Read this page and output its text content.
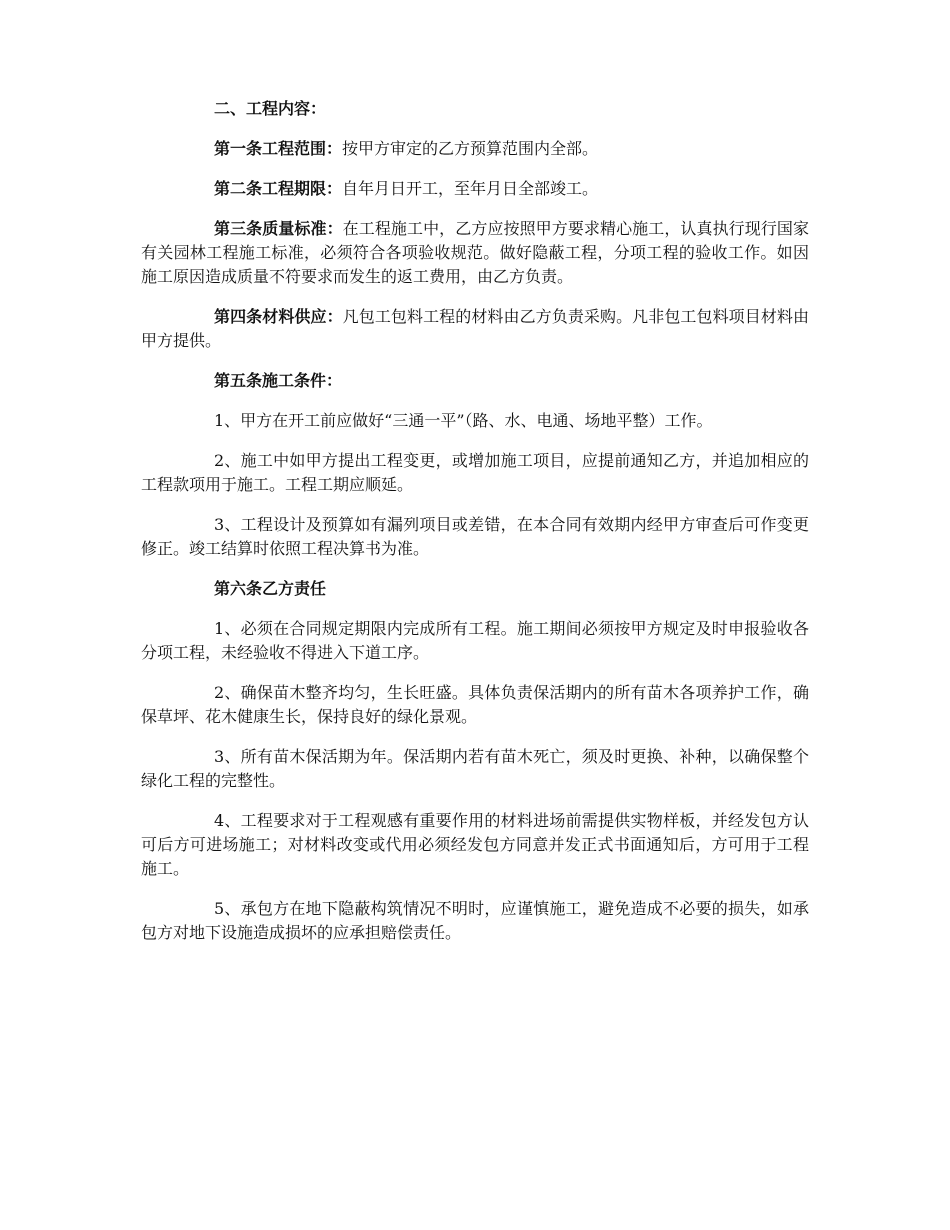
二、工程内容：

第一条工程范围：按甲方审定的乙方预算范围内全部。

第二条工程期限：自年月日开工，至年月日全部竣工。

第三条质量标准：在工程施工中，乙方应按照甲方要求精心施工，认真执行现行国家有关园林工程施工标准，必须符合各项验收规范。做好隐蔽工程，分项工程的验收工作。如因施工原因造成质量不符要求而发生的返工费用，由乙方负责。

第四条材料供应：凡包工包料工程的材料由乙方负责采购。凡非包工包料项目材料由甲方提供。

第五条施工条件：

1、甲方在开工前应做好“三通一平”（路、水、电通、场地平整）工作。

2、施工中如甲方提出工程变更，或增加施工项目，应提前通知乙方，并追加相应的工程款项用于施工。工程工期应顺延。

3、工程设计及预算如有漏列项目或差错，在本合同有效期内经甲方审查后可作变更修正。竣工结算时依照工程决算书为准。

第六条乙方责任

1、必须在合同规定期限内完成所有工程。施工期间必须按甲方规定及时申报验收各分项工程，未经验收不得进入下道工序。

2、确保苗木整齐均匀，生长旺盛。具体负责保活期内的所有苗木各项养护工作，确保草坪、花木健康生长，保持良好的绿化景观。

3、所有苗木保活期为年。保活期内若有苗木死亡，须及时更换、补种，以确保整个绿化工程的完整性。

4、工程要求对于工程观感有重要作用的材料进场前需提供实物样板，并经发包方认可后方可进场施工；对材料改变或代用必须经发包方同意并发正式书面通知后，方可用于工程施工。

5、承包方在地下隐蔽构筑情况不明时，应谨慎施工，避免造成不必要的损失，如承包方对地下设施造成损坏的应承担赔偿责任。
